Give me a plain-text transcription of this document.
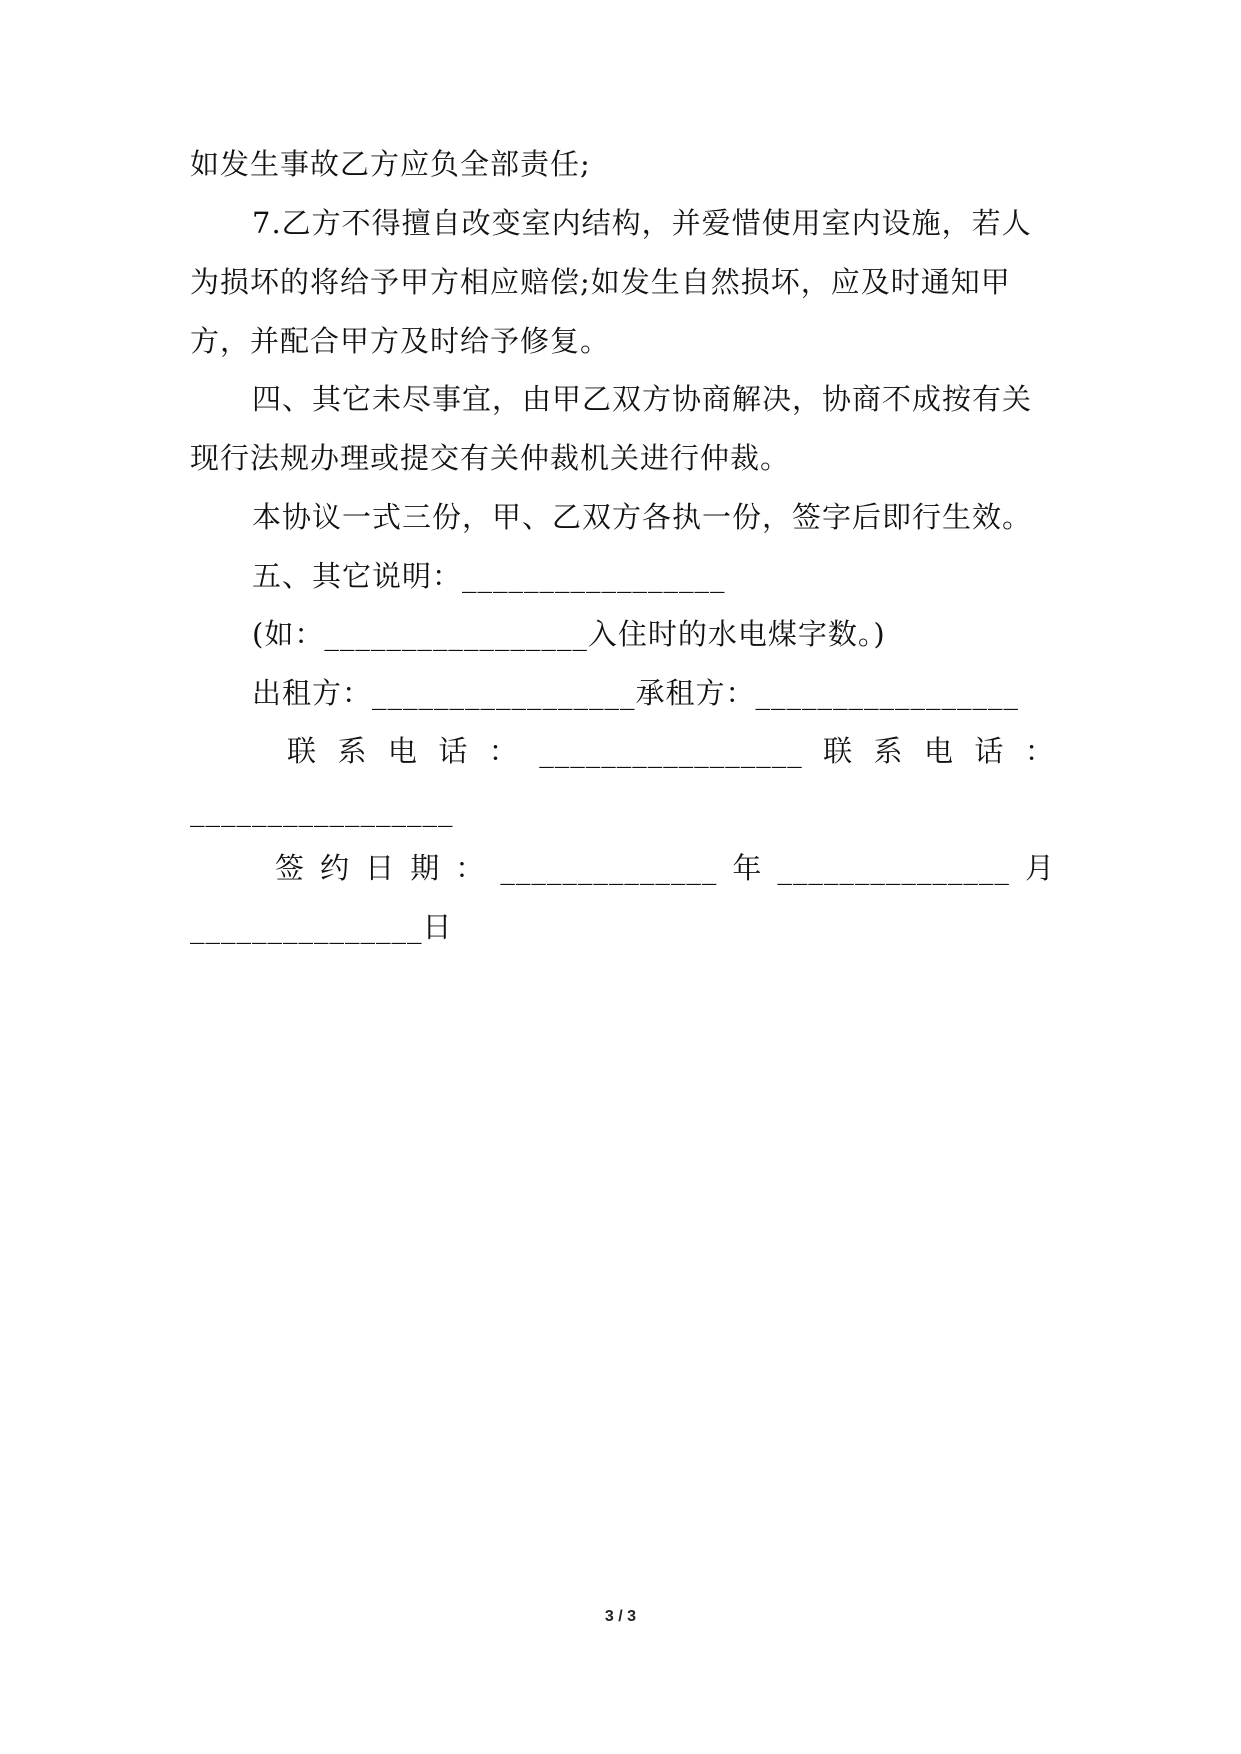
如发生事故乙方应负全部责任;
7.乙方不得擅自改变室内结构，并爱惜使用室内设施，若人
为损坏的将给予甲方相应赔偿;如发生自然损坏，应及时通知甲
方，并配合甲方及时给予修复。
四、其它未尽事宜，由甲乙双方协商解决，协商不成按有关
现行法规办理或提交有关仲裁机关进行仲裁。
本协议一式三份，甲、乙双方各执一份，签字后即行生效。
五、其它说明：_________________
(如：_________________入住时的水电煤字数。)
出租方：_________________承租方：_________________
联 系 电 话 ： _________________ 联 系 电 话 ：
_________________
签 约 日 期 ： ______________ 年 _______________ 月
_______________日
3 / 3
